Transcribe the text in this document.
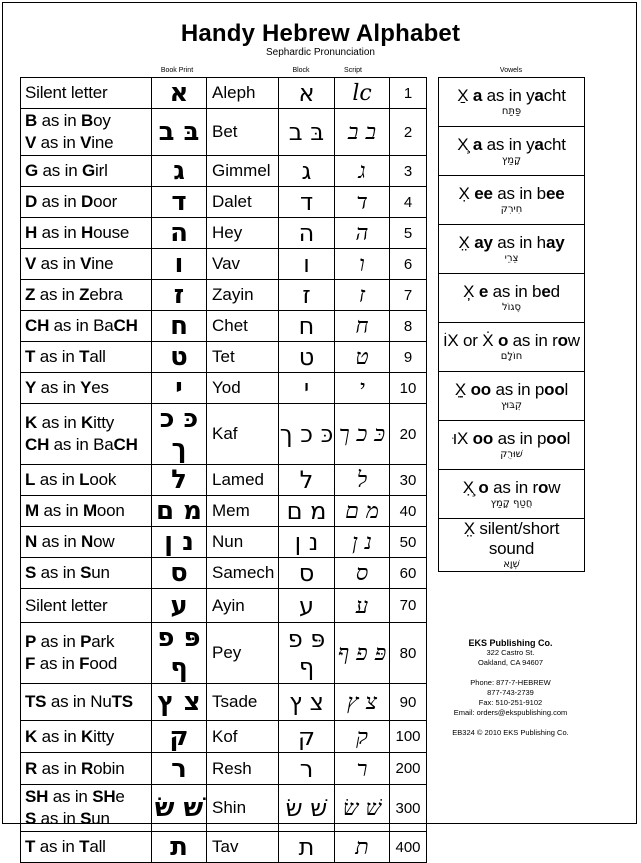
Handy Hebrew Alphabet
Sephardic Pronunciation
Book Print	Block	Script	Vowels
Silent letter	א	Aleph	א	lc	1

B as in Boy
V as in Vine	בּ ב	Bet	בּ ב	ב ב	2

G as in Girl	ג	Gimmel	ג	ג	3

D as in Door	ד	Dalet	ד	ד	4

H as in House	ה	Hey	ה	ה	5

V as in Vine	ו	Vav	ו	ו	6

Z as in Zebra	ז	Zayin	ז	ז	7

CH as in BaCH	ח	Chet	ח	ח	8

T as in Tall	ט	Tet	ט	ט	9

Y as in Yes	י	Yod	י	י	10

K as in Kitty
CH as in BaCH	כּ כ ך	Kaf	כּ כ ך	כּ כ ך	20

L as in Look	ל	Lamed	ל	ל	30

M as in Moon	מ ם	Mem	מ ם	מ ם	40

N as in Now	נ ן	Nun	נ ן	נ ן	50

S as in Sun	ס	Samech	ס	ס	60

Silent letter	ע	Ayin	ע	ע	70

P as in Park
F as in Food	פּ פ ף	Pey	פּ פ ף	פּ פ ף	80

TS as in NuTS	צ ץ	Tsade	צ ץ	צ ץ	90

K as in Kitty	ק	Kof	ק	ק	100

R as in Robin	ר	Resh	ר	ר	200

SH as in SHe
S as in Sun	שׁ שׂ	Shin	שׁ שׂ	שׁ שׂ	300

T as in Tall	ת	Tav	ת	ת	400
X̱ a as in yacht
פַּתַּח

X̧ a as in yacht
קָמַץ

X̣ ee as in bee
חִירִק

X̤ ay as in hay
צֵרֵי

X̦ e as in bed
סֶגוֹל

וֹX or Ẋ o as in row
חוֹלָם

X̤̣ oo as in pool
קֻבּוּץ

וּX oo as in pool
שׁוּרֻק

X̧̣ o as in row
חֲטַף קָמַץ

X̤ silent/short sound
שְׁוָא
EKS Publishing Co.
322 Castro St.
Oakland, CA 94607
Phone: 877-7-HEBREW
877-743-2739
Fax: 510-251-9102
Email: orders@ekspublishing.com
EB324 © 2010 EKS Publishing Co.
